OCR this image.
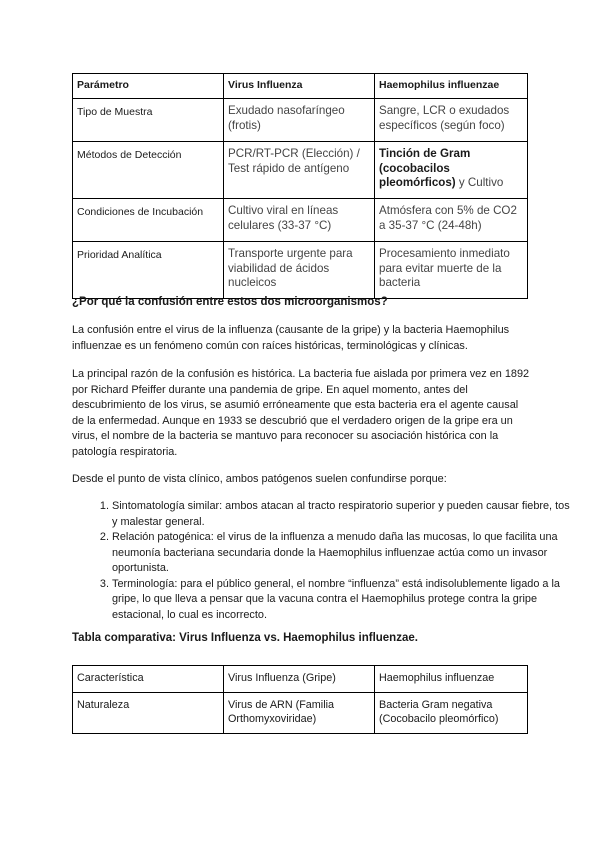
Parámetro	Virus Influenza	Haemophilus influenzae
Tipo de Muestra	Exudado nasofaríngeo (frotis)	Sangre, LCR o exudados específicos (según foco)
Métodos de Detección	PCR/RT-PCR (Elección) / Test rápido de antígeno	Tinción de Gram (cocobacilos pleomórficos) y Cultivo
Condiciones de Incubación	Cultivo viral en líneas celulares (33-37 °C)	Atmósfera con 5% de CO2 a 35-37 °C (24-48h)
Prioridad Analítica	Transporte urgente para viabilidad de ácidos nucleicos	Procesamiento inmediato para evitar muerte de la bacteria
¿Por qué la confusión entre estos dos microorganismos?
La confusión entre el virus de la influenza (causante de la gripe) y la bacteria Haemophilus influenzae es un fenómeno común con raíces históricas, terminológicas y clínicas.
La principal razón de la confusión es histórica. La bacteria fue aislada por primera vez en 1892 por Richard Pfeiffer durante una pandemia de gripe. En aquel momento, antes del descubrimiento de los virus, se asumió erróneamente que esta bacteria era el agente causal de la enfermedad. Aunque en 1933 se descubrió que el verdadero origen de la gripe era un virus, el nombre de la bacteria se mantuvo para reconocer su asociación histórica con la patología respiratoria.
Desde el punto de vista clínico, ambos patógenos suelen confundirse porque:
1. Sintomatología similar: ambos atacan al tracto respiratorio superior y pueden causar fiebre, tos y malestar general.
2. Relación patogénica: el virus de la influenza a menudo daña las mucosas, lo que facilita una neumonía bacteriana secundaria donde la Haemophilus influenzae actúa como un invasor oportunista.
3. Terminología: para el público general, el nombre “influenza” está indisolublemente ligado a la gripe, lo que lleva a pensar que la vacuna contra el Haemophilus protege contra la gripe estacional, lo cual es incorrecto.
Tabla comparativa: Virus Influenza vs. Haemophilus influenzae.
Característica	Virus Influenza (Gripe)	Haemophilus influenzae
Naturaleza	Virus de ARN (Familia Orthomyxoviridae)	Bacteria Gram negativa (Cocobacilo pleomórfico)
